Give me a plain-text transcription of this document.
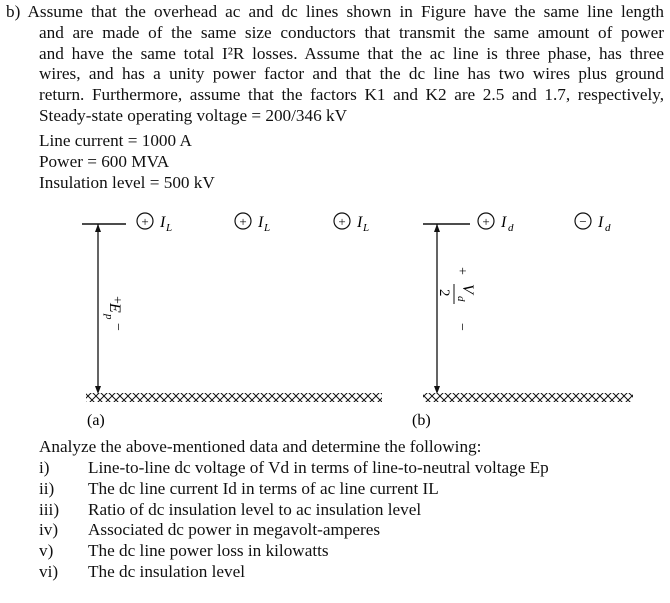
b) Assume that the overhead ac and dc lines shown in Figure have the same line length
and are made of the same size conductors that transmit the same amount of power
and have the same total I²R losses. Assume that the ac line is three phase, has three
wires, and has a unity power factor and that the dc line has two wires plus ground
return. Furthermore, assume that the factors K1 and K2 are 2.5 and 1.7, respectively,
Steady-state operating voltage = 200/346 kV
Line current = 1000 A
Power = 600 MVA
Insulation level = 500 kV
+
E
p
−
+ I L	+ I L	+ I L
(a)
+
V
d
2
−
+ I d	− I d
(b)
Analyze the above-mentioned data and determine the following:
i)	Line-to-line dc voltage of Vd in terms of line-to-neutral voltage Ep
ii)	The dc line current Id in terms of ac line current IL
iii)	Ratio of dc insulation level to ac insulation level
iv)	Associated dc power in megavolt-amperes
v)	The dc line power loss in kilowatts
vi)	The dc insulation level
